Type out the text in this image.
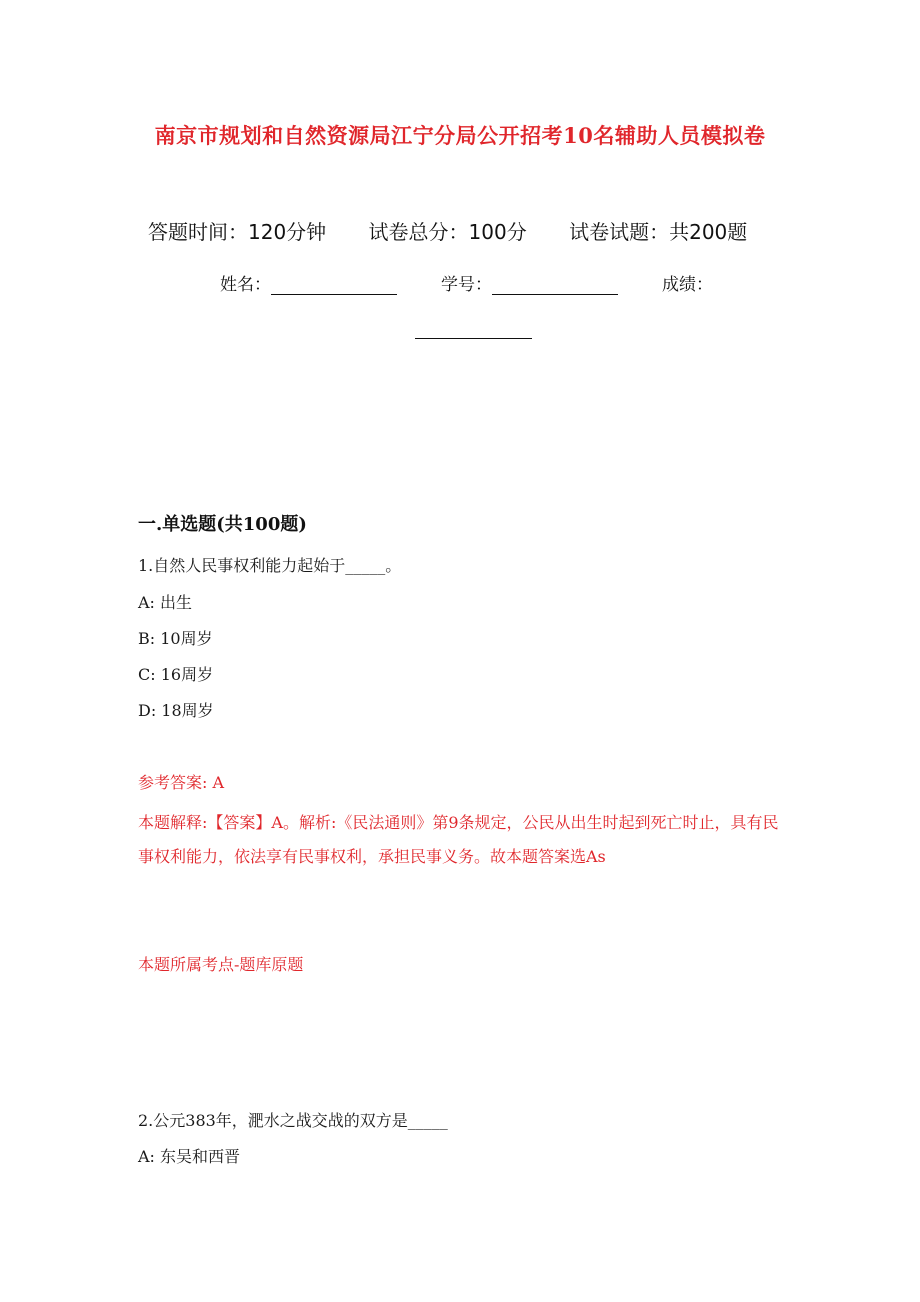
南京市规划和自然资源局江宁分局公开招考10名辅助人员模拟卷
答题时间：120分钟 试卷总分：100分 试卷试题：共200题
姓名：	学号：	成绩：
一.单选题(共100题)
1.自然人民事权利能力起始于_____。
A: 出生
B: 10周岁
C: 16周岁
D: 18周岁
参考答案: A
本题解释:【答案】A。解析:《民法通则》第9条规定，公民从出生时起到死亡时止，具有民事权利能力，依法享有民事权利，承担民事义务。故本题答案选As
本题所属考点-题库原题
2.公元383年，淝水之战交战的双方是_____
A: 东吴和西晋
